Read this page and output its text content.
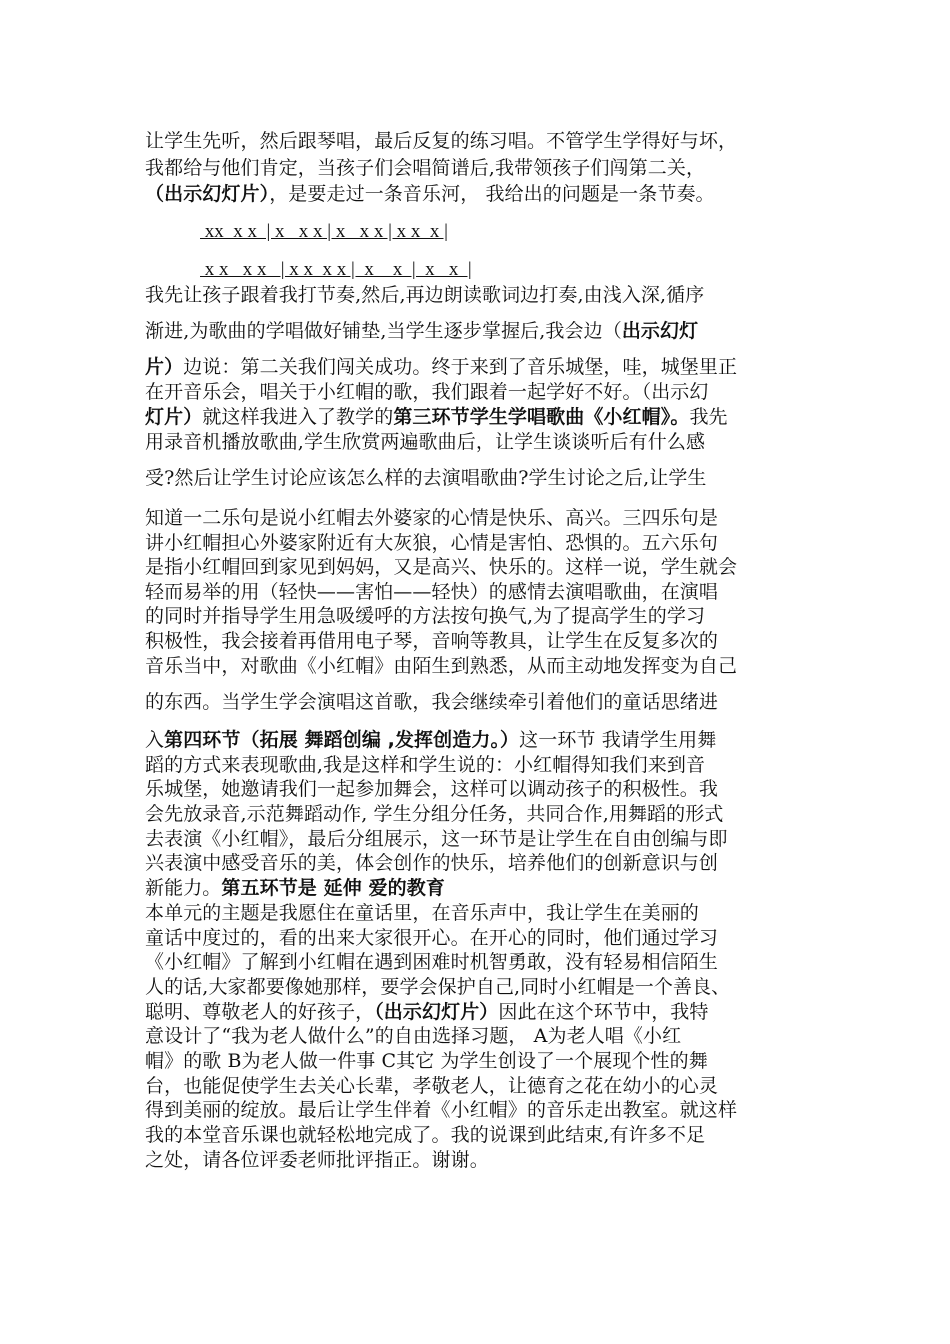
让学生先听，然后跟琴唱，最后反复的练习唱。不管学生学得好与坏，
我都给与他们肯定，当孩子们会唱简谱后,我带领孩子们闯第二关，
（出示幻灯片），是要走过一条音乐河， 我给出的问题是一条节奏。
xx  x x  | x   x x | x   x x | x x  x |
x x   x x   | x x  x x |  x    x  |  x   x  |
我先让孩子跟着我打节奏,然后,再边朗读歌词边打奏,由浅入深,循序
渐进,为歌曲的学唱做好铺垫,当学生逐步掌握后,我会边（出示幻灯
片）边说：第二关我们闯关成功。终于来到了音乐城堡，哇，城堡里正
在开音乐会，唱关于小红帽的歌，我们跟着一起学好不好。（出示幻
灯片）就这样我进入了教学的第三环节学生学唱歌曲《小红帽》。我先
用录音机播放歌曲,学生欣赏两遍歌曲后，让学生谈谈听后有什么感
受?然后让学生讨论应该怎么样的去演唱歌曲?学生讨论之后,让学生
知道一二乐句是说小红帽去外婆家的心情是快乐、高兴。三四乐句是
讲小红帽担心外婆家附近有大灰狼，心情是害怕、恐惧的。五六乐句
是指小红帽回到家见到妈妈，又是高兴、快乐的。这样一说，学生就会
轻而易举的用（轻快——害怕——轻快）的感情去演唱歌曲，在演唱
的同时并指导学生用急吸缓呼的方法按句换气,为了提高学生的学习
积极性，我会接着再借用电子琴，音响等教具，让学生在反复多次的
音乐当中，对歌曲《小红帽》由陌生到熟悉，从而主动地发挥变为自己
的东西。当学生学会演唱这首歌，我会继续牵引着他们的童话思绪进
入第四环节（拓展 舞蹈创编 ,发挥创造力。）这一环节 我请学生用舞
蹈的方式来表现歌曲,我是这样和学生说的：小红帽得知我们来到音
乐城堡，她邀请我们一起参加舞会，这样可以调动孩子的积极性。我
会先放录音,示范舞蹈动作, 学生分组分任务，共同合作,用舞蹈的形式
去表演《小红帽》，最后分组展示，这一环节是让学生在自由创编与即
兴表演中感受音乐的美，体会创作的快乐，培养他们的创新意识与创
新能力。第五环节是 延伸 爱的教育
本单元的主题是我愿住在童话里，在音乐声中，我让学生在美丽的
童话中度过的，看的出来大家很开心。在开心的同时，他们通过学习
《小红帽》了解到小红帽在遇到困难时机智勇敢，没有轻易相信陌生
人的话,大家都要像她那样，要学会保护自己,同时小红帽是一个善良、
聪明、尊敬老人的好孩子，（出示幻灯片）因此在这个环节中，我特
意设计了“我为老人做什么”的自由选择习题， A为老人唱《小红
帽》的歌 B为老人做一件事 C其它 为学生创设了一个展现个性的舞
台，也能促使学生去关心长辈，孝敬老人，让德育之花在幼小的心灵
得到美丽的绽放。最后让学生伴着《小红帽》的音乐走出教室。就这样
我的本堂音乐课也就轻松地完成了。我的说课到此结束,有许多不足
之处，请各位评委老师批评指正。谢谢。
